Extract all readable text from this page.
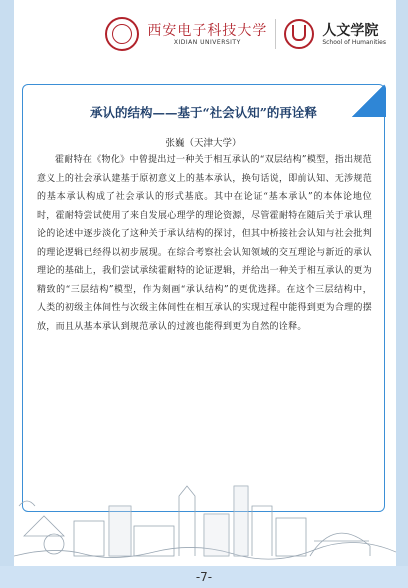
西安电子科技大学
XIDIAN UNIVERSITY
人文学院
School of Humanities
承认的结构——基于“社会认知”的再诠释
张巍（天津大学）

霍耐特在《物化》中曾提出过一种关于相互承认的“双层结构”模型，指出规范意义上的社会承认建基于原初意义上的基本承认，换句话说，即前认知、无涉规范的基本承认构成了社会承认的形式基底。其中在论证“基本承认”的本体论地位时，霍耐特尝试使用了来自发展心理学的理论资源，尽管霍耐特在随后关于承认理论的论述中逐步淡化了这种关于承认结构的探讨，但其中桥接社会认知与社会批判的理论逻辑已经得以初步展现。在综合考察社会认知领域的交互理论与新近的承认理论的基础上，我们尝试承续霍耐特的论证逻辑，并给出一种关于相互承认的更为精致的“三层结构”模型，作为刻画“承认结构”的更优选择。在这个三层结构中，人类的初级主体间性与次级主体间性在相互承认的实现过程中能得到更为合理的摆放，而且从基本承认到规范承认的过渡也能得到更为自然的诠释。

-7-
